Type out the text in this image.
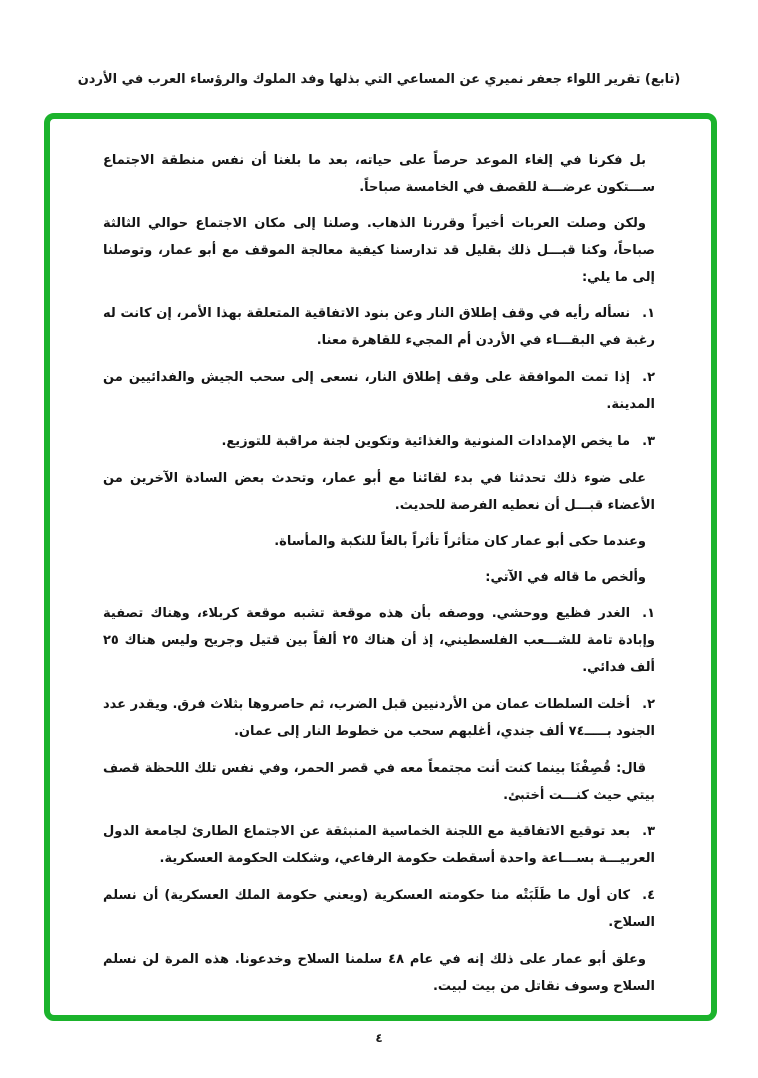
(تابع) تقرير اللواء جعفر نميري عن المساعي التي بذلها وفد الملوك والرؤساء العرب في الأردن

بل فكرنا في إلغاء الموعد حرصاً على حياته، بعد ما بلغنا أن نفس منطقة الاجتماع ســـتكون عرضـــة للقصف في الخامسة صباحاً.

ولكن وصلت العربات أخيراً وقررنا الذهاب. وصلنا إلى مكان الاجتماع حوالي الثالثة صباحاً، وكنا قبـــل ذلك بقليل قد تدارسنا كيفية معالجة الموقف مع أبو عمار، وتوصلنا إلى ما يلي:

١.نسأله رأيه في وقف إطلاق النار وعن بنود الاتفاقية المتعلقة بهذا الأمر، إن كانت له رغبة في البقـــاء في الأردن أم المجيء للقاهرة معنا.
٢.إذا تمت الموافقة على وقف إطلاق النار، نسعى إلى سحب الجيش والفدائيين من المدينة.
٣.ما يخص الإمدادات المنونية والغذائية وتكوين لجنة مراقبة للتوزيع.

على ضوء ذلك تحدثنا في بدء لقائنا مع أبو عمار، وتحدث بعض السادة الآخرين من الأعضاء قبـــل أن نعطيه الفرصة للحديث.

وعندما حكى أبو عمار كان متأثراً تأثراً بالغاً للنكبة والمأساة.

وألخص ما قاله في الآتي:

١.الغدر فظيع ووحشي. ووصفه بأن هذه موقعة تشبه موقعة كربلاء، وهناك تصفية وإبادة تامة للشـــعب الفلسطيني، إذ أن هناك ٢٥ ألفاً بين قتيل وجريح وليس هناك ٢٥ ألف فدائي.
٢.أخلت السلطات عمان من الأردنيين قبل الضرب، ثم حاصروها بثلاث فرق. ويقدر عدد الجنود بـــــ٧٤ ألف جندي، أغلبهم سحب من خطوط النار إلى عمان.

قال: قُصِفْنَا بينما كنت أنت مجتمعاً معه في قصر الحمر، وفي نفس تلك اللحظة قصف بيتي حيث كنـــت أختبئ.

٣.بعد توقيع الاتفاقية مع اللجنة الخماسية المنبثقة عن الاجتماع الطارئ لجامعة الدول العربيـــة بســـاعة واحدة أسقطت حكومة الرفاعي، وشكلت الحكومة العسكرية.
٤.كان أول ما طَلَبَتْه منا حكومته العسكرية (ويعني حكومة الملك العسكرية) أن نسلم السلاح.

وعلق أبو عمار على ذلك إنه في عام ٤٨ سلمنا السلاح وخدعونا. هذه المرة لن نسلم السلاح وسوف نقاتل من بيت لبيت.

٤
